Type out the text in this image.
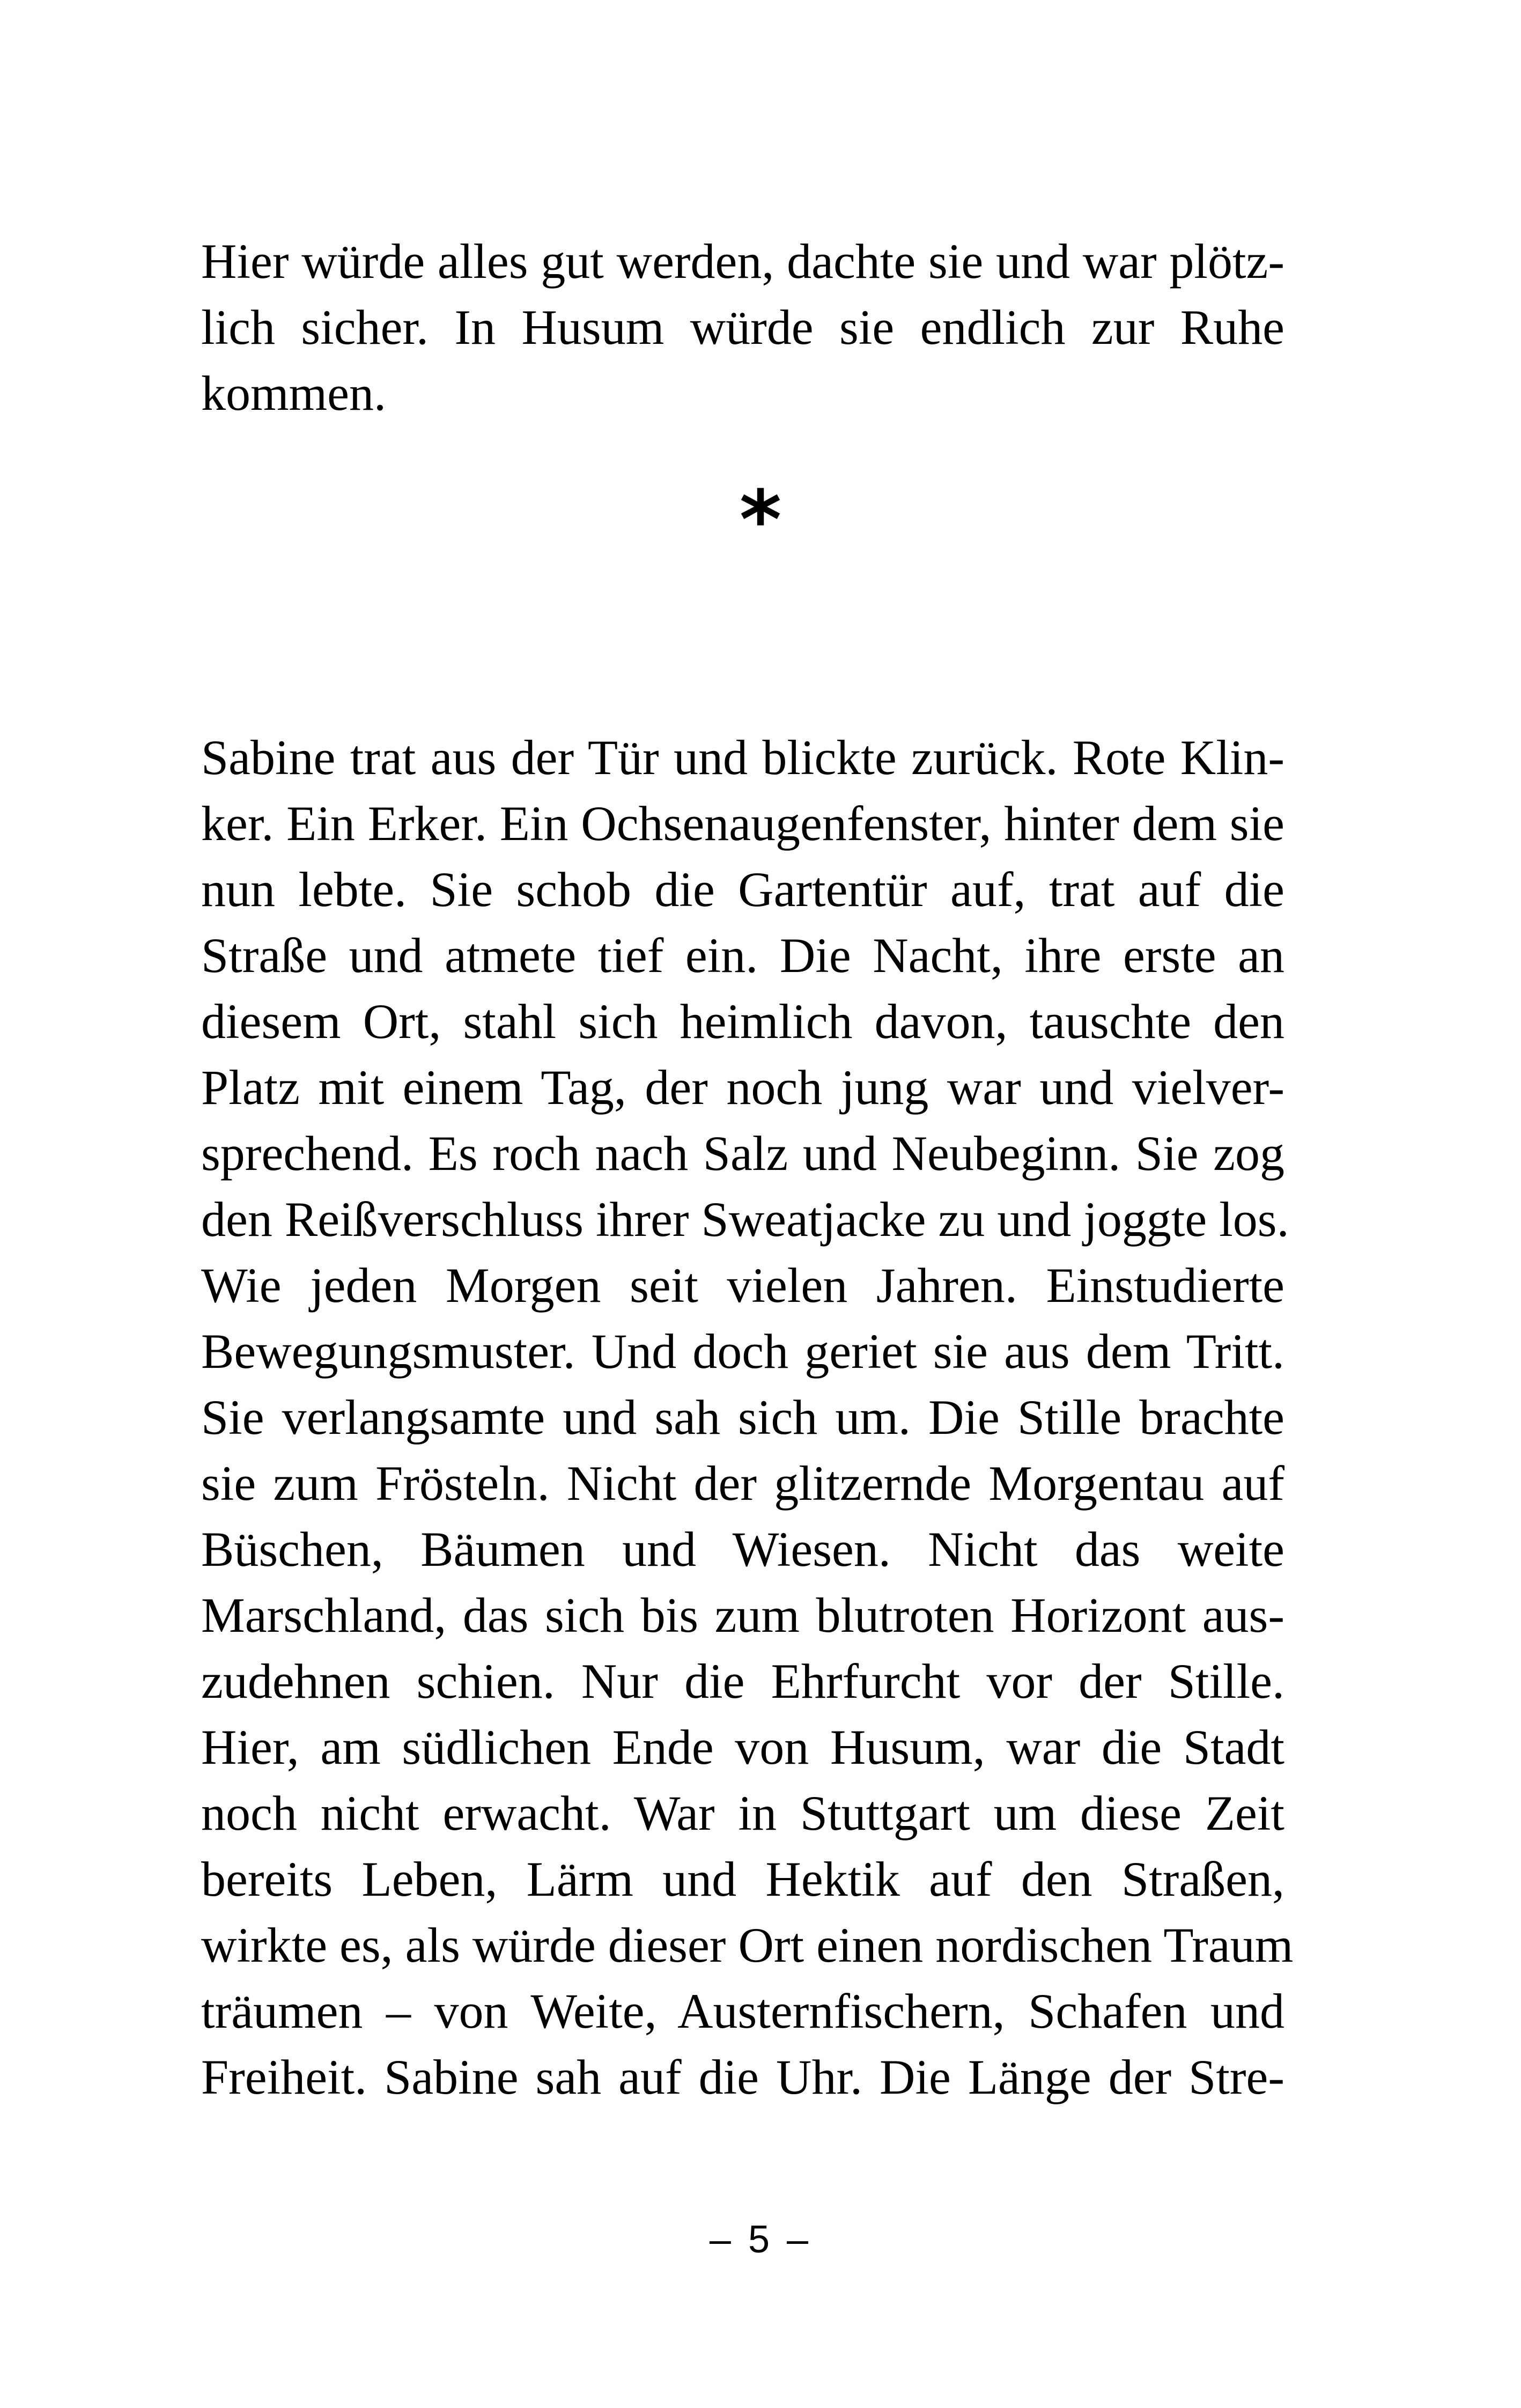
Hier würde alles gut werden, dachte sie und war plötz-
lich sicher. In Husum würde sie endlich zur Ruhe
kommen.
*
Sabine trat aus der Tür und blickte zurück. Rote Klin-
ker. Ein Erker. Ein Ochsenaugenfenster, hinter dem sie
nun lebte. Sie schob die Gartentür auf, trat auf die
Straße und atmete tief ein. Die Nacht, ihre erste an
diesem Ort, stahl sich heimlich davon, tauschte den
Platz mit einem Tag, der noch jung war und vielver-
sprechend. Es roch nach Salz und Neubeginn. Sie zog
den Reißverschluss ihrer Sweatjacke zu und joggte los.
Wie jeden Morgen seit vielen Jahren. Einstudierte
Bewegungsmuster. Und doch geriet sie aus dem Tritt.
Sie verlangsamte und sah sich um. Die Stille brachte
sie zum Frösteln. Nicht der glitzernde Morgentau auf
Büschen, Bäumen und Wiesen. Nicht das weite
Marschland, das sich bis zum blutroten Horizont aus-
zudehnen schien. Nur die Ehrfurcht vor der Stille.
Hier, am südlichen Ende von Husum, war die Stadt
noch nicht erwacht. War in Stuttgart um diese Zeit
bereits Leben, Lärm und Hektik auf den Straßen,
wirkte es, als würde dieser Ort einen nordischen Traum
träumen – von Weite, Austernfischern, Schafen und
Freiheit. Sabine sah auf die Uhr. Die Länge der Stre-
– 5 –
